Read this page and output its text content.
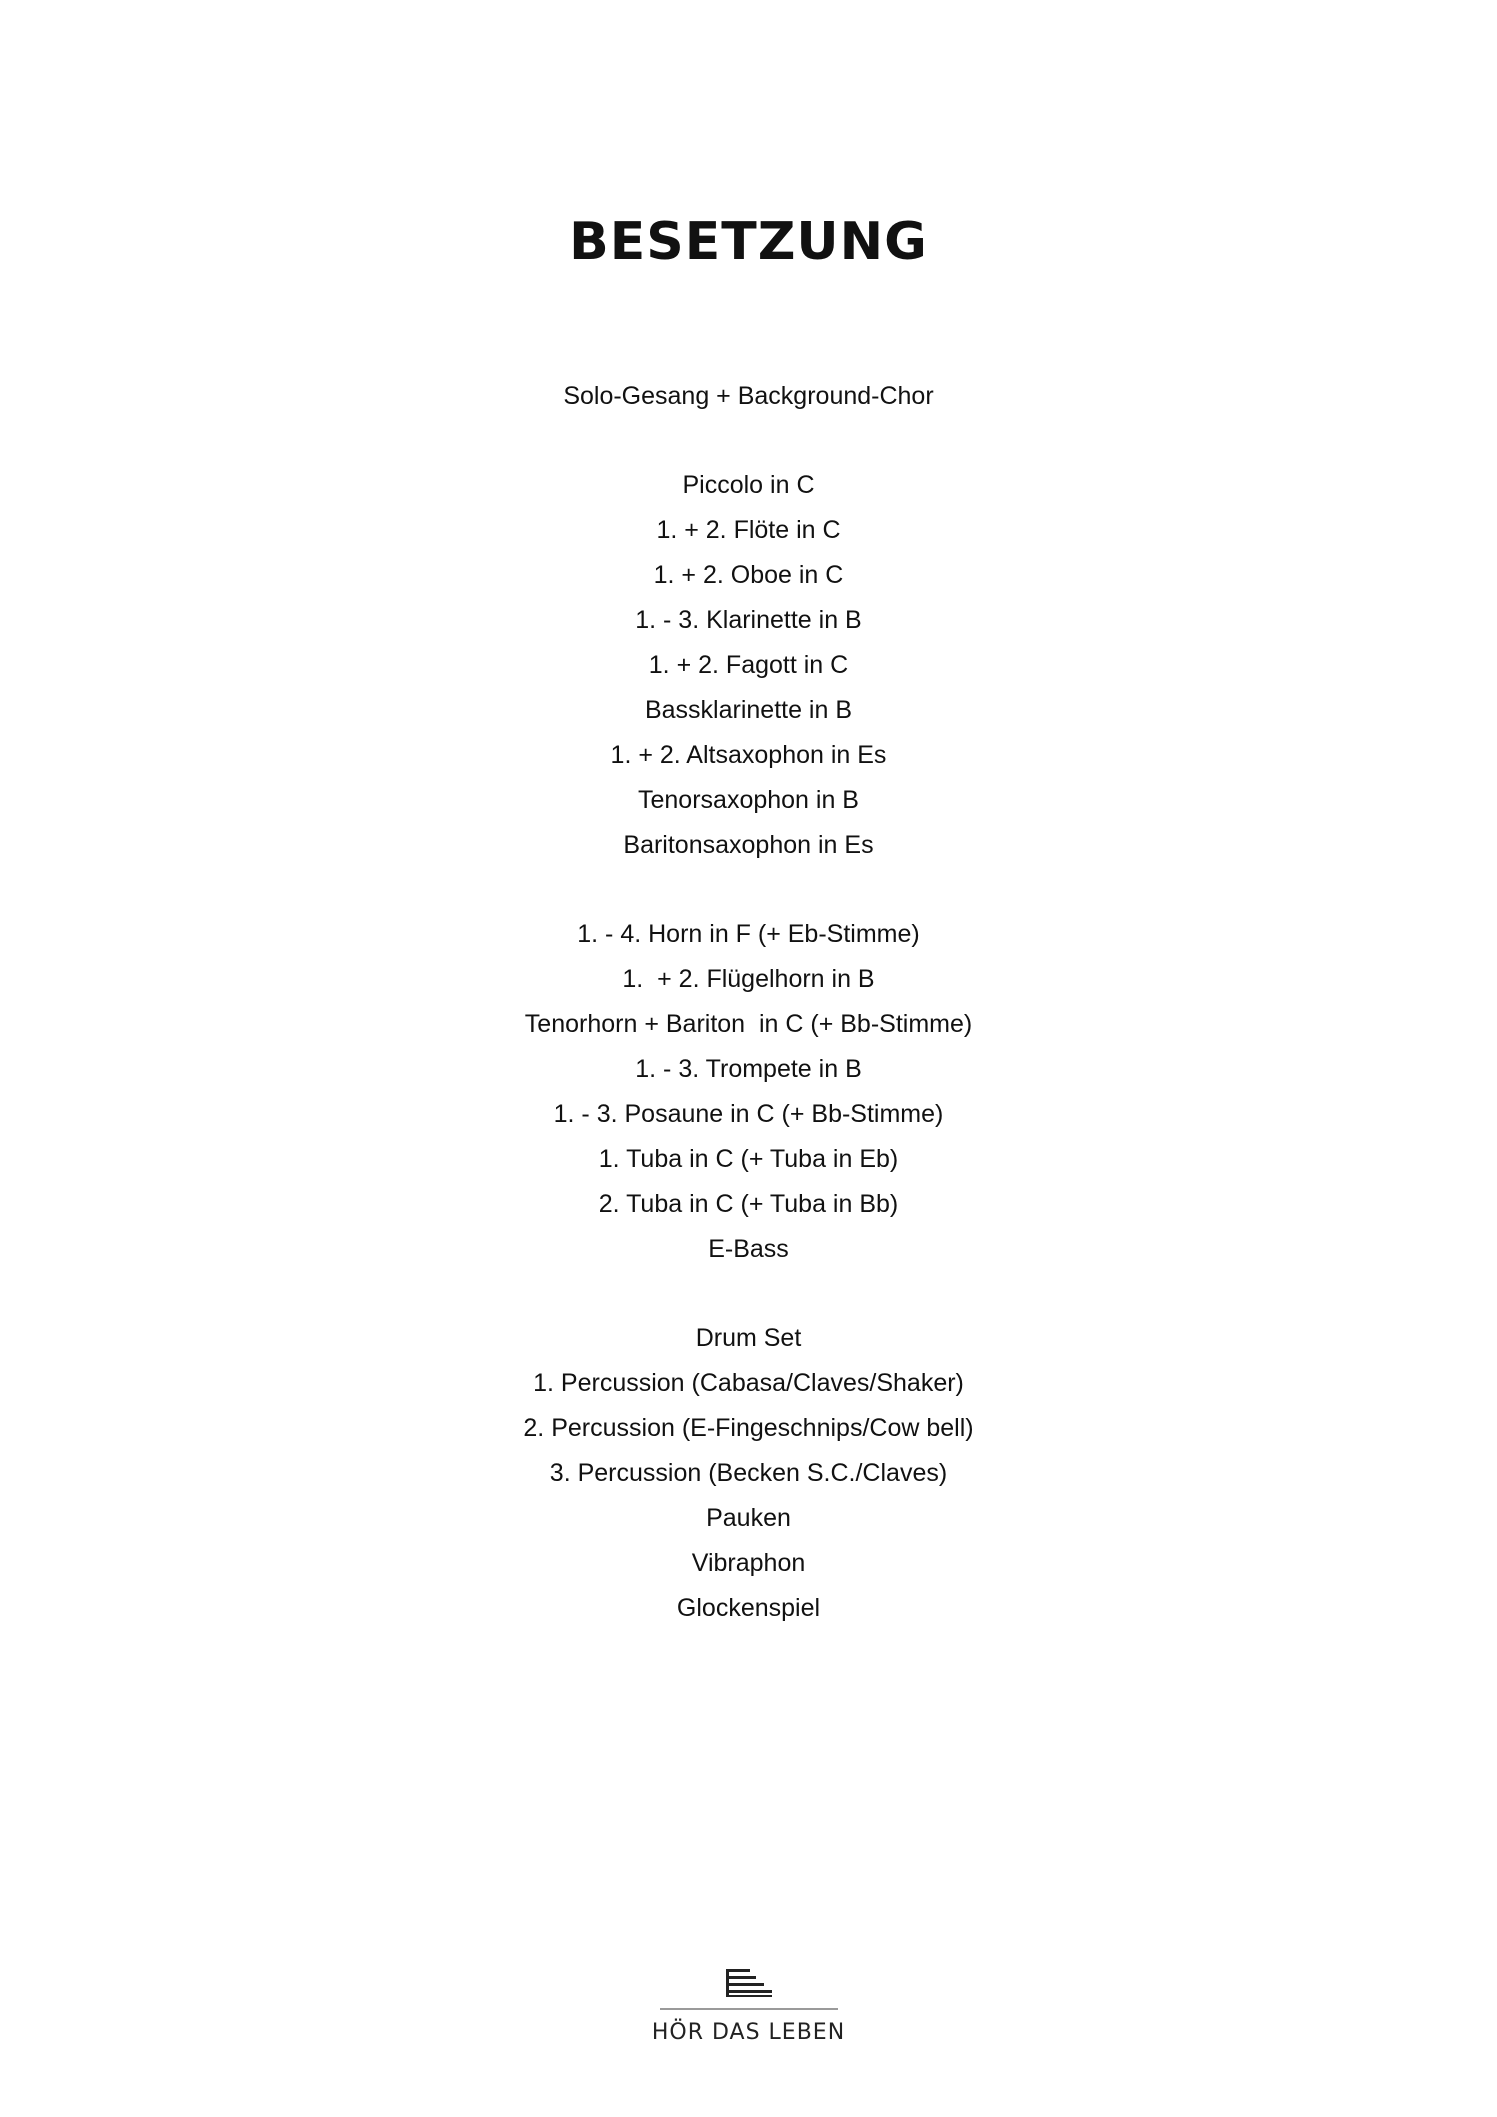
BESETZUNG
Solo-Gesang + Background-Chor
Piccolo in C
1. + 2. Flöte in C
1. + 2. Oboe in C
1. - 3. Klarinette in B
1. + 2. Fagott in C
Bassklarinette in B
1. + 2. Altsaxophon in Es
Tenorsaxophon in B
Baritonsaxophon in Es
1. - 4. Horn in F (+ Eb-Stimme)
1.  + 2. Flügelhorn in B
Tenorhorn + Bariton  in C (+ Bb-Stimme)
1. - 3. Trompete in B
1. - 3. Posaune in C (+ Bb-Stimme)
1. Tuba in C (+ Tuba in Eb)
2. Tuba in C (+ Tuba in Bb)
E-Bass
Drum Set
1. Percussion (Cabasa/Claves/Shaker)
2. Percussion (E-Fingeschnips/Cow bell)
3. Percussion (Becken S.C./Claves)
Pauken
Vibraphon
Glockenspiel
HÖR DAS LEBEN
